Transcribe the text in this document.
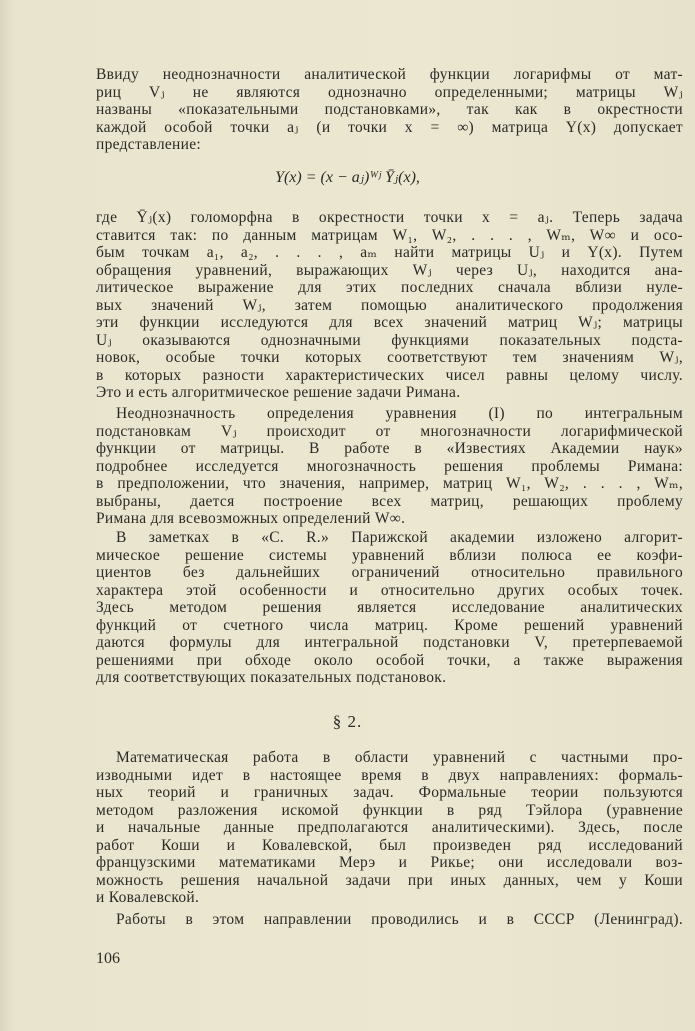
Ввиду неоднозначности аналитической функции логарифмы от мат-
риц Vⱼ не являются однозначно определенными; матрицы Wⱼ
названы «показательными подстановками», так как в окрестности
каждой особой точки aⱼ (и точки x = ∞) матрица Y(x) допускает
представление:
где Ȳⱼ(x) голоморфна в окрестности точки x = aⱼ. Теперь задача
ставится так: по данным матрицам W₁, W₂, . . . , Wₘ, W∞ и осо-
бым точкам a₁, a₂, . . . , aₘ найти матрицы Uⱼ и Y(x). Путем
обращения уравнений, выражающих Wⱼ через Uⱼ, находится ана-
литическое выражение для этих последних сначала вблизи нуле-
вых значений Wⱼ, затем помощью аналитического продолжения
эти функции исследуются для всех значений матриц Wⱼ; матрицы
Uⱼ оказываются однозначными функциями показательных подста-
новок, особые точки которых соответствуют тем значениям Wⱼ,
в которых разности характеристических чисел равны целому числу.
Это и есть алгоритмическое решение задачи Римана.
Неоднозначность определения уравнения (I) по интегральным
подстановкам Vⱼ происходит от многозначности логарифмической
функции от матрицы. В работе в «Известиях Академии наук»
подробнее исследуется многозначность решения проблемы Римана:
в предположении, что значения, например, матриц W₁, W₂, . . . , Wₘ,
выбраны, дается построение всех матриц, решающих проблему
Римана для всевозможных определений W∞.
В заметках в «C. R.» Парижской академии изложено алгорит-
мическое решение системы уравнений вблизи полюса ее коэфи-
циентов без дальнейших ограничений относительно правильного
характера этой особенности и относительно других особых точек.
Здесь методом решения является исследование аналитических
функций от счетного числа матриц. Кроме решений уравнений
даются формулы для интегральной подстановки V, претерпеваемой
решениями при обходе около особой точки, а также выражения
для соответствующих показательных подстановок.
Математическая работа в области уравнений с частными про-
изводными идет в настоящее время в двух направлениях: формаль-
ных теорий и граничных задач. Формальные теории пользуются
методом разложения искомой функции в ряд Тэйлора (уравнение
и начальные данные предполагаются аналитическими). Здесь, после
работ Коши и Ковалевской, был произведен ряд исследований
французскими математиками Мерэ и Рикье; они исследовали воз-
можность решения начальной задачи при иных данных, чем у Коши
и Ковалевской.
Работы в этом направлении проводились и в СССР (Ленинград).
Y(x) = (x − aⱼ)ᵂʲ Ȳⱼ(x),
§ 2.
106
